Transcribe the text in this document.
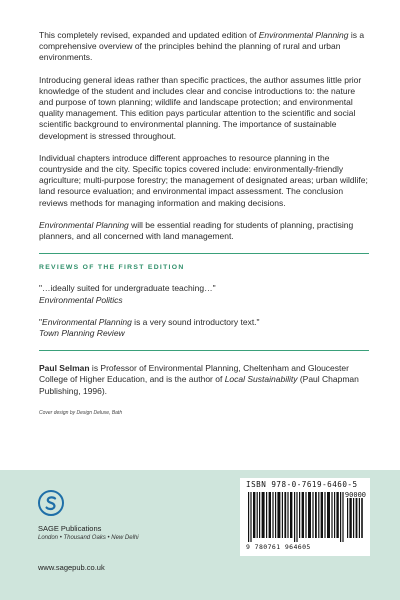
This completely revised, expanded and updated edition of Environmental Planning is a comprehensive overview of the principles behind the planning of rural and urban environments.

Introducing general ideas rather than specific practices, the author assumes little prior knowledge of the student and includes clear and concise introductions to: the nature and purpose of town planning; wildlife and landscape protection; and environmental quality management. This edition pays particular attention to the scientific and social scientific background to environmental planning. The importance of sustainable development is stressed throughout.

Individual chapters introduce different approaches to resource planning in the countryside and the city. Specific topics covered include: environmentally-friendly agriculture; multi-purpose forestry; the management of designated areas; urban wildlife; land resource evaluation; and environmental impact assessment. The conclusion reviews methods for managing information and making decisions.

Environmental Planning will be essential reading for students of planning, practising planners, and all concerned with land management.

REVIEWS OF THE FIRST EDITION

"…ideally suited for undergraduate teaching…"
Environmental Politics

"Environmental Planning is a very sound introductory text."
Town Planning Review

Paul Selman is Professor of Environmental Planning, Cheltenham and Gloucester College of Higher Education, and is the author of Local Sustainability (Paul Chapman Publishing, 1996).

Cover design by Design Deluxe, Bath
ISBN 978-0-7619-6460-5
90000
9 780761 964605
SAGE Publications
London • Thousand Oaks • New Delhi
www.sagepub.co.uk
